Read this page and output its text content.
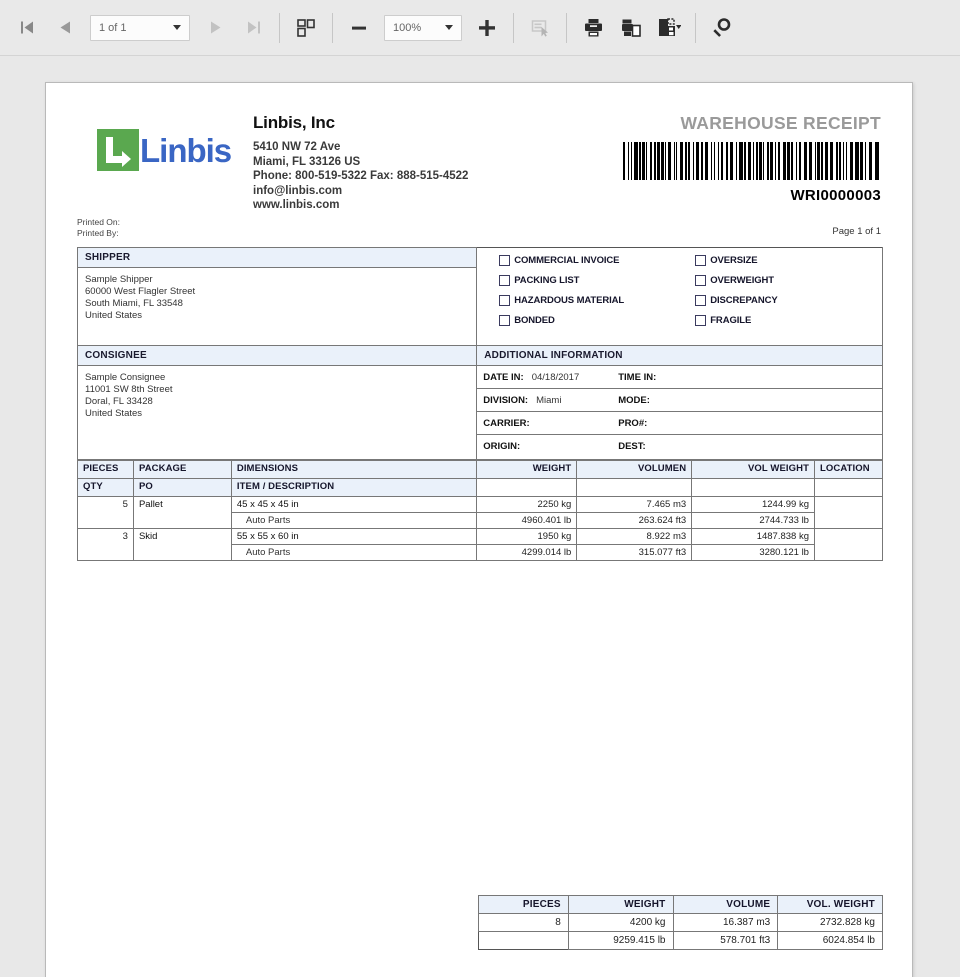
1 of 1	100%
Linbis
Linbis, Inc
5410 NW 72 Ave
Miami, FL 33126 US
Phone: 800-519-5322 Fax: 888-515-4522
info@linbis.com
www.linbis.com
Printed On:
Printed By:
WAREHOUSE RECEIPT
WRI0000003
Page 1 of 1
SHIPPER	COMMERCIAL INVOICE	OVERSIZE
PACKING LIST	OVERWEIGHT
HAZARDOUS MATERIAL	DISCREPANCY
BONDED	FRAGILE

Sample Shipper
60000 West Flagler Street
South Miami, FL 33548
United States	

CONSIGNEE	ADDITIONAL INFORMATION

Sample Consignee
11001 SW 8th Street
Doral, FL 33428
United States

DATE IN: 04/18/2017	TIME IN:
DIVISION: Miami	MODE:
CARRIER:	PRO#:
ORIGIN:	DEST:
PIECES	PACKAGE	DIMENSIONS	WEIGHT	VOLUMEN	VOL WEIGHT	LOCATION
QTY	PO	ITEM / DESCRIPTION				
5	Pallet	45 x 45 x 45 in	2250 kg	7.465 m3	1244.99 kg	
		Auto Parts	4960.401 lb	263.624 ft3	2744.733 lb	
3	Skid	55 x 55 x 60 in	1950 kg	8.922 m3	1487.838 kg	
		Auto Parts	4299.014 lb	315.077 ft3	3280.121 lb	
PIECES	WEIGHT	VOLUME	VOL. WEIGHT
8	4200 kg	16.387 m3	2732.828 kg
	9259.415 lb	578.701 ft3	6024.854 lb
